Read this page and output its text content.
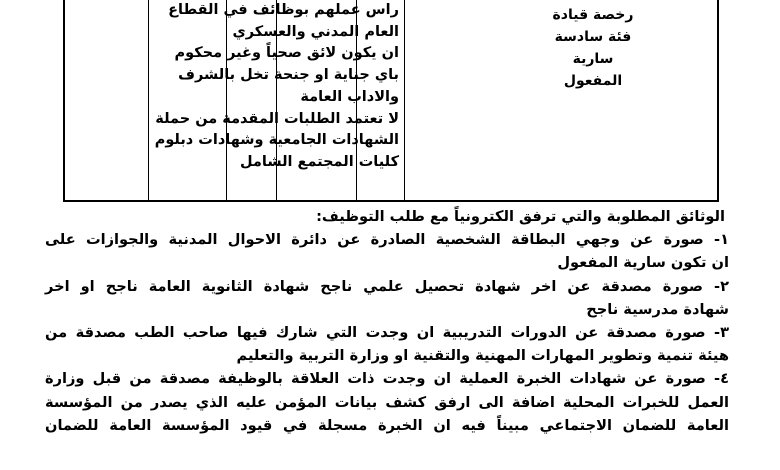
راس عملهم بوظائف في القطاع
العام المدني والعسكري
ان يكون لائق صحياً وغير محكوم
باي جناية او جنحة تخل بالشرف
والاداب العامة
لا تعتمد الطلبات المقدمة من حملة
الشهادات الجامعية وشهادات دبلوم
كليات المجتمع الشامل
رخصة قيادة
فئة سادسة
سارية
المفعول
الوثائق المطلوبة والتي ترفق الكترونياً مع طلب التوظيف:
١- صورة عن وجهي البطاقة الشخصية الصادرة عن دائرة الاحوال المدنية والجوازات على
ان تكون سارية المفعول
٢- صورة مصدقة عن اخر شهادة تحصيل علمي ناجح شهادة الثانوية العامة ناجح او اخر
شهادة مدرسية ناجح
٣- صورة مصدقة عن الدورات التدريبية ان وجدت التي شارك فيها صاحب الطب مصدقة من
هيئة تنمية وتطوير المهارات المهنية والتقنية او وزارة التربية والتعليم
٤- صورة عن شهادات الخبرة العملية ان وجدت ذات العلاقة بالوظيفة مصدقة من قبل وزارة
العمل للخبرات المحلية اضافة الى ارفق كشف بيانات المؤمن عليه الذي يصدر من المؤسسة
العامة للضمان الاجتماعي مبيناً فيه ان الخبرة مسجلة في قيود المؤسسة العامة للضمان
